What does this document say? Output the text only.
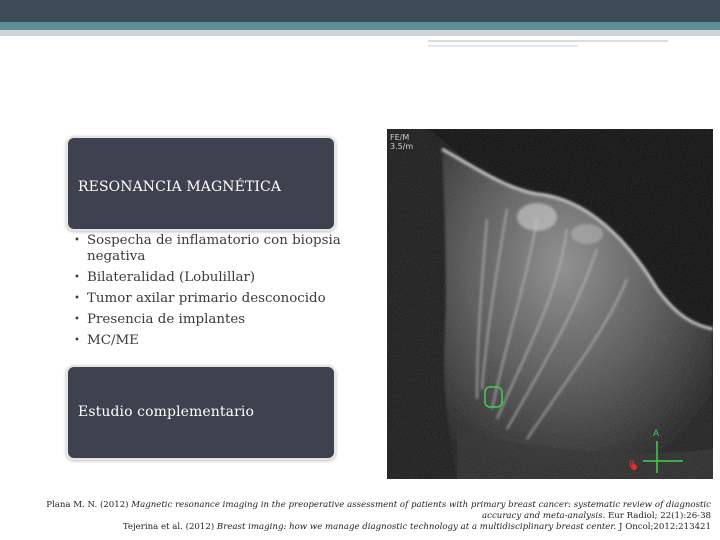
RESONANCIA MAGNÉTICA
• Sospecha de inflamatorio con biopsia negativa
• Bilateralidad (Lobulillar)
• Tumor axilar primario desconocido
• Presencia de implantes
• MC/ME
Estudio complementario
FE/M
3.5/m
A
R
Plana M. N. (2012) Magnetic resonance imaging in the preoperative assessment of patients with primary breast cancer: systematic review of diagnostic accuracy and meta-analysis. Eur Radiol; 22(1):26-38
Tejerina et al. (2012) Breast imaging: how we manage diagnostic technology at a multidisciplinary breast center. J Oncol;2012:213421
